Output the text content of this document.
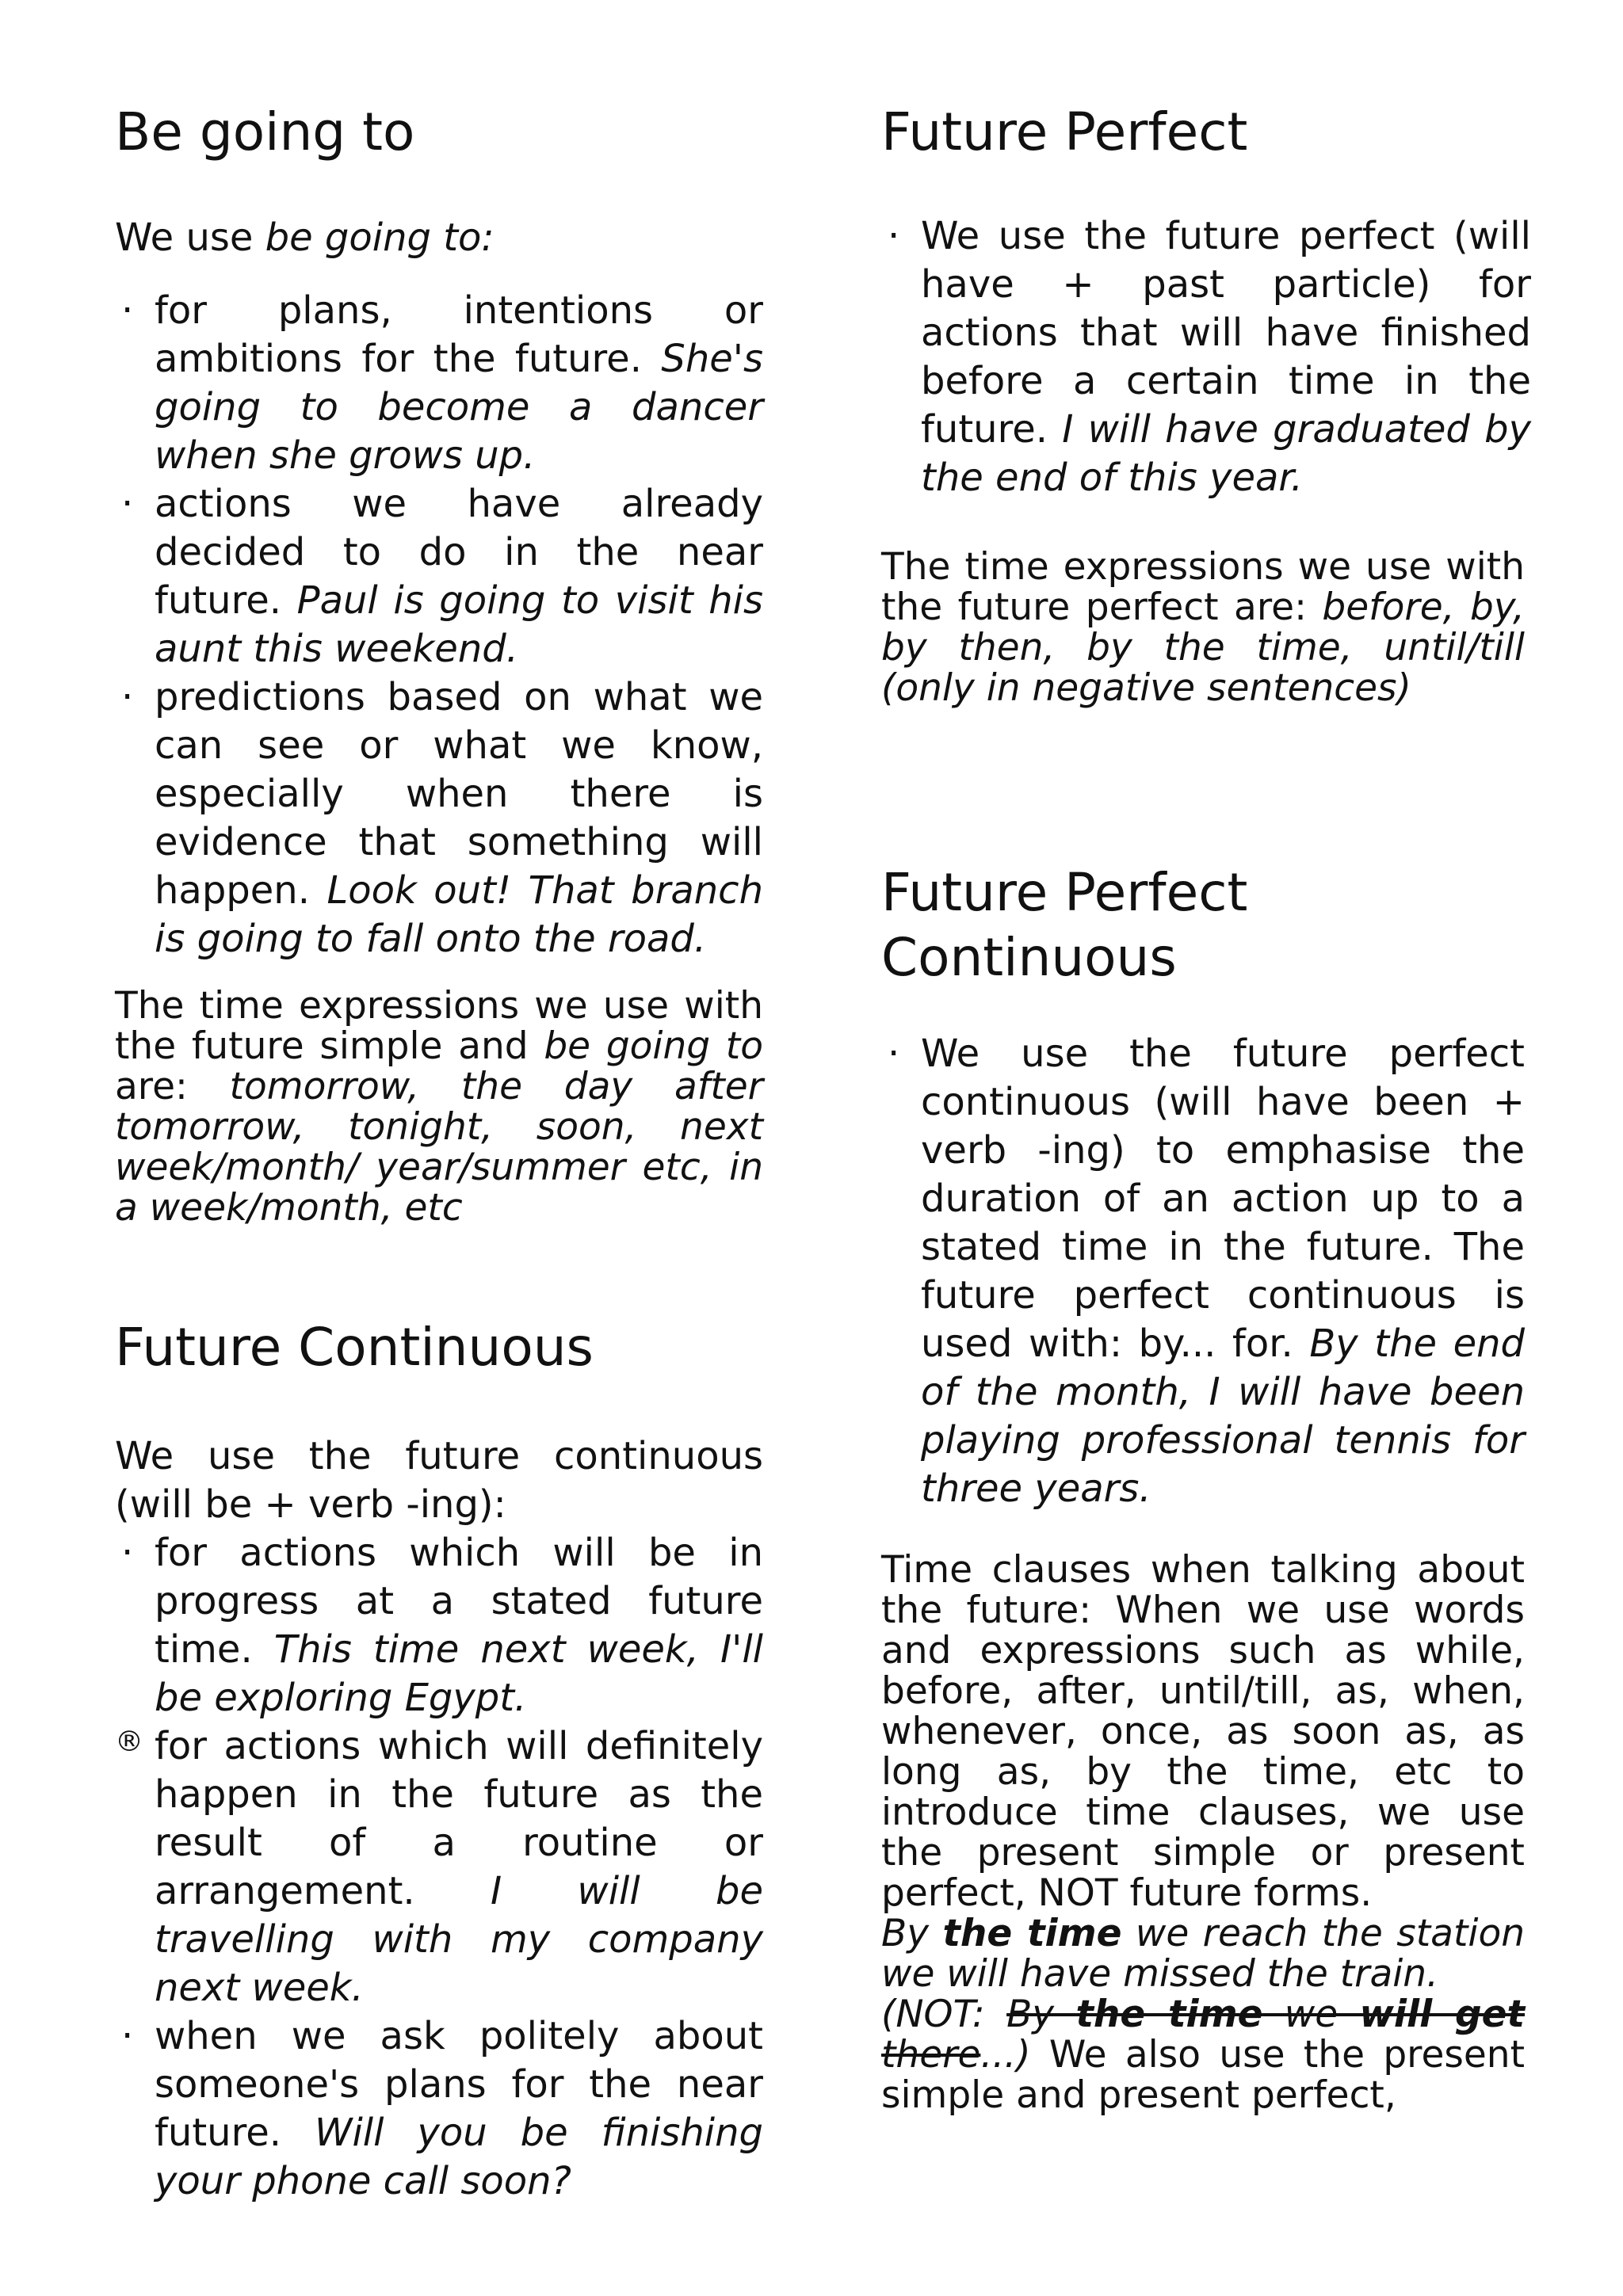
Be going to

We use be going to:

· for plans, intentions or ambitions for the future. She's going to become a dancer when she grows up.
· actions we have already decided to do in the near future. Paul is going to visit his aunt this weekend.
· predictions based on what we can see or what we know, especially when there is evidence that something will happen. Look out! That branch is going to fall onto the road.

The time expressions we use with the future simple and be going to are: tomorrow, the day after tomorrow, tonight, soon, next week/month/ year/summer etc, in a week/month, etc

Future Continuous

We use the future continuous (will be + verb -ing):

· for actions which will be in progress at a stated future time. This time next week, I'll be exploring Egypt.
® for actions which will definitely happen in the future as the result of a routine or arrangement. I will be travelling with my company next week.
· when we ask politely about someone's plans for the near future. Will you be finishing your phone call soon?
Future Perfect
· We use the future perfect (will have + past particle) for actions that will have finished before a certain time in the future. I will have graduated by the end of this year.

The time expressions we use with the future perfect are: before, by, by then, by the time, until/till (only in negative sentences)

Future Perfect Continuous
· We use the future perfect continuous (will have been + verb -ing) to emphasise the duration of an action up to a stated time in the future. The future perfect continuous is used with: by... for. By the end of the month, I will have been playing professional tennis for three years.

Time clauses when talking about the future: When we use words and expressions such as while, before, after, until/till, as, when, whenever, once, as soon as, as long as, by the time, etc to introduce time clauses, we use the present simple or present perfect, NOT future forms.

By the time we reach the station we will have missed the train.

(NOT: By the time we will get there...) We also use the present simple and present perfect,
